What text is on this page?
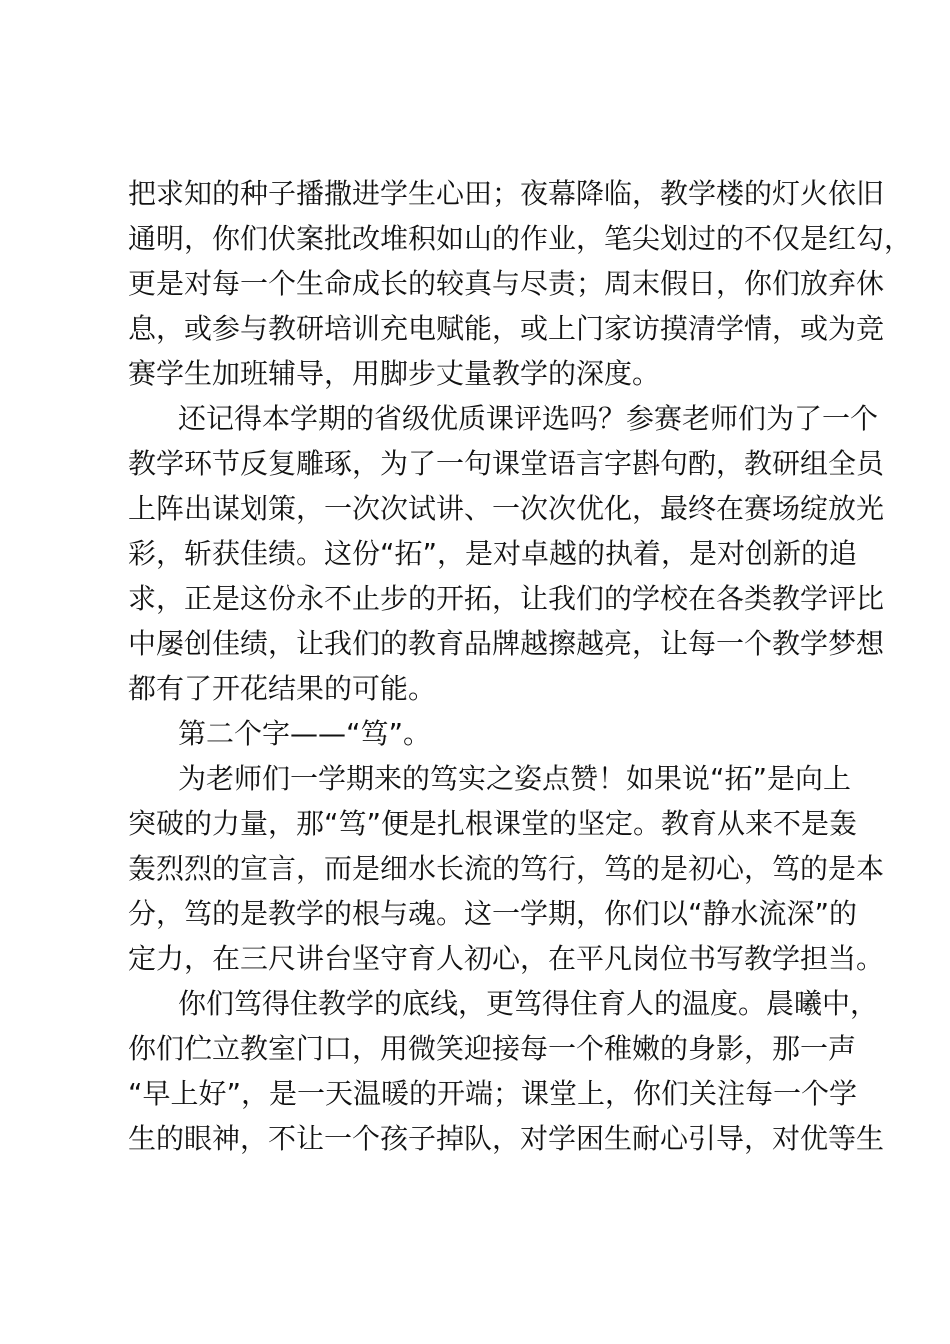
把求知的种子播撒进学生心田；夜幕降临，教学楼的灯火依旧
通明，你们伏案批改堆积如山的作业，笔尖划过的不仅是红勾，
更是对每一个生命成长的较真与尽责；周末假日，你们放弃休
息，或参与教研培训充电赋能，或上门家访摸清学情，或为竞
赛学生加班辅导，用脚步丈量教学的深度。
还记得本学期的省级优质课评选吗？参赛老师们为了一个
教学环节反复雕琢，为了一句课堂语言字斟句酌，教研组全员
上阵出谋划策，一次次试讲、一次次优化，最终在赛场绽放光
彩，斩获佳绩。这份“拓”，是对卓越的执着，是对创新的追
求，正是这份永不止步的开拓，让我们的学校在各类教学评比
中屡创佳绩，让我们的教育品牌越擦越亮，让每一个教学梦想
都有了开花结果的可能。
第二个字——“笃”。
为老师们一学期来的笃实之姿点赞！如果说“拓”是向上
突破的力量，那“笃”便是扎根课堂的坚定。教育从来不是轰
轰烈烈的宣言，而是细水长流的笃行，笃的是初心，笃的是本
分，笃的是教学的根与魂。这一学期，你们以“静水流深”的
定力，在三尺讲台坚守育人初心，在平凡岗位书写教学担当。
你们笃得住教学的底线，更笃得住育人的温度。晨曦中，
你们伫立教室门口，用微笑迎接每一个稚嫩的身影，那一声
“早上好”，是一天温暖的开端；课堂上，你们关注每一个学
生的眼神，不让一个孩子掉队，对学困生耐心引导，对优等生
